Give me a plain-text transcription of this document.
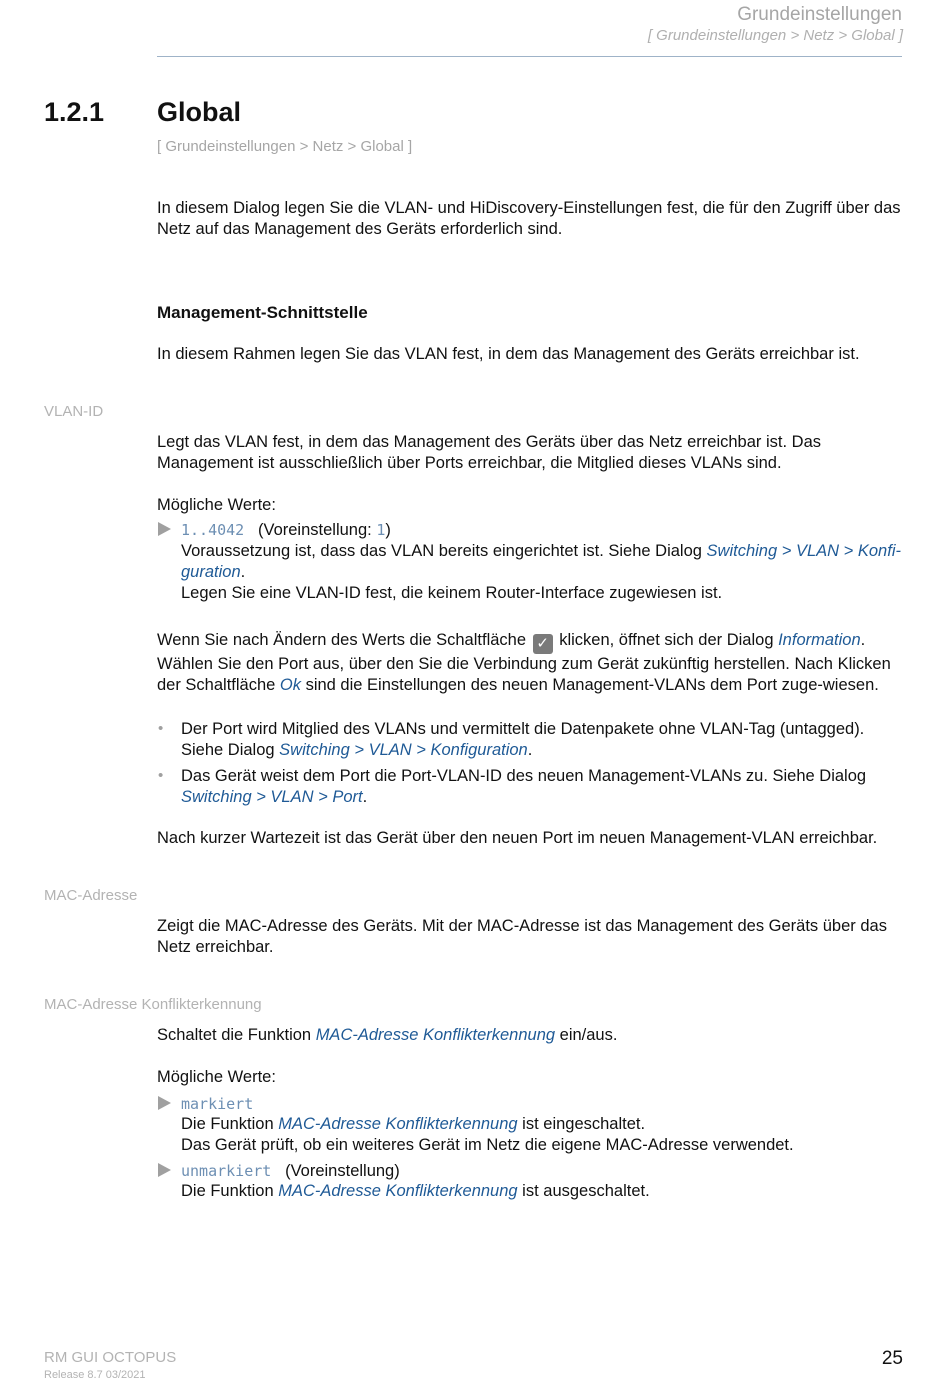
Grundeinstellungen
[ Grundeinstellungen > Netz > Global ]
1.2.1 Global
[ Grundeinstellungen > Netz > Global ]
In diesem Dialog legen Sie die VLAN- und HiDiscovery-Einstellungen fest, die für den Zugriff über das Netz auf das Management des Geräts erforderlich sind.
Management-Schnittstelle
In diesem Rahmen legen Sie das VLAN fest, in dem das Management des Geräts erreichbar ist.
VLAN-ID
Legt das VLAN fest, in dem das Management des Geräts über das Netz erreichbar ist. Das Management ist ausschließlich über Ports erreichbar, die Mitglied dieses VLANs sind.
Mögliche Werte:
1..4042 (Voreinstellung: 1)
Voraussetzung ist, dass das VLAN bereits eingerichtet ist. Siehe Dialog Switching > VLAN > Konfi-guration.
Legen Sie eine VLAN-ID fest, die keinem Router-Interface zugewiesen ist.
Wenn Sie nach Ändern des Werts die Schaltfläche ✓ klicken, öffnet sich der Dialog Information. Wählen Sie den Port aus, über den Sie die Verbindung zum Gerät zukünftig herstellen. Nach Klicken der Schaltfläche Ok sind die Einstellungen des neuen Management-VLANs dem Port zuge-wiesen.
• Der Port wird Mitglied des VLANs und vermittelt die Datenpakete ohne VLAN-Tag (untagged). Siehe Dialog Switching > VLAN > Konfiguration.
• Das Gerät weist dem Port die Port-VLAN-ID des neuen Management-VLANs zu. Siehe Dialog Switching > VLAN > Port.
Nach kurzer Wartezeit ist das Gerät über den neuen Port im neuen Management-VLAN erreichbar.
MAC-Adresse
Zeigt die MAC-Adresse des Geräts. Mit der MAC-Adresse ist das Management des Geräts über das Netz erreichbar.
MAC-Adresse Konflikterkennung
Schaltet die Funktion MAC-Adresse Konflikterkennung ein/aus.
Mögliche Werte:
markiert
Die Funktion MAC-Adresse Konflikterkennung ist eingeschaltet.
Das Gerät prüft, ob ein weiteres Gerät im Netz die eigene MAC-Adresse verwendet.
unmarkiert (Voreinstellung)
Die Funktion MAC-Adresse Konflikterkennung ist ausgeschaltet.
RM GUI OCTOPUS
Release 8.7 03/2021
25
